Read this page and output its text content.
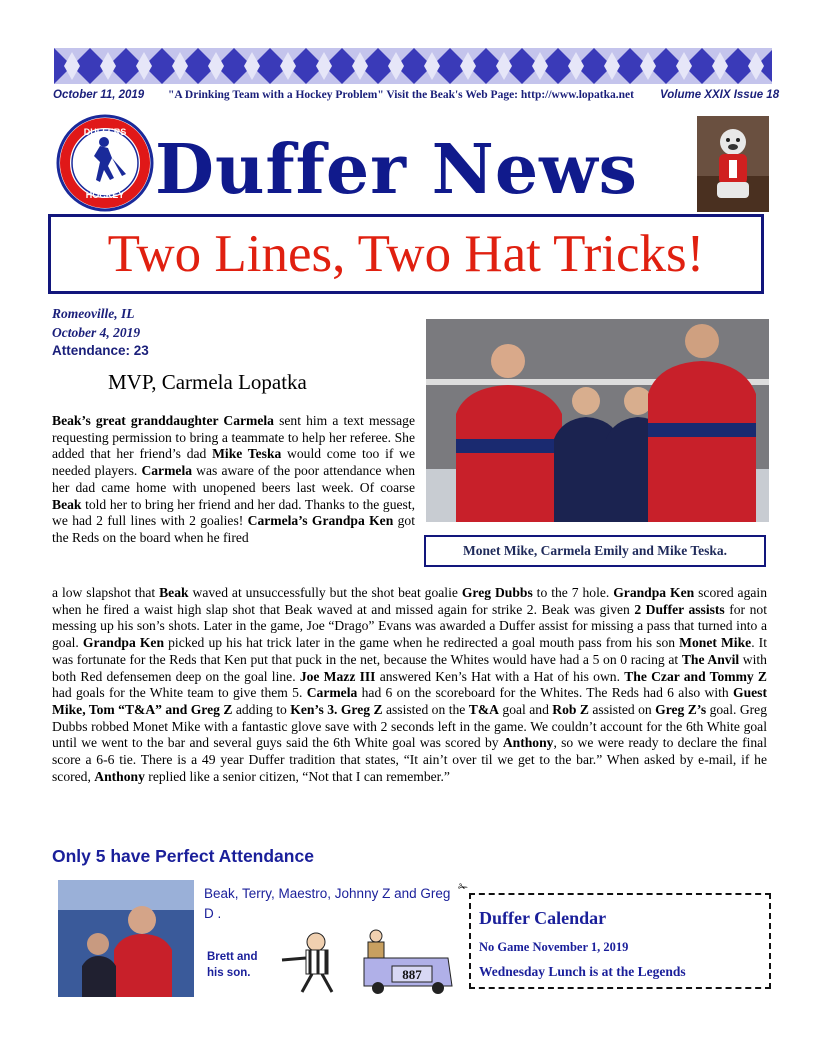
October 11, 2019 "A Drinking Team with a Hockey Problem" Visit the Beak's Web Page: http://www.lopatka.net Volume XXIX Issue 18
DUFFERS
HOCKEY Duffer News
Two Lines, Two Hat Tricks!
Romeoville, IL
October 4, 2019
Attendance: 23
MVP, Carmela Lopatka
Beak’s great granddaughter Carmela sent him a text message requesting permission to bring a teammate to help her referee. She added that her friend’s dad Mike Teska would come too if we needed players. Carmela was aware of the poor attendance when her dad came home with unopened beers last week. Of coarse Beak told her to bring her friend and her dad. Thanks to the guest, we had 2 full lines with 2 goalies! Carmela’s Grandpa Ken got the Reds on the board when he fired
Monet Mike, Carmela Emily and Mike Teska.
a low slapshot that Beak waved at unsuccessfully but the shot beat goalie Greg Dubbs to the 7 hole. Grandpa Ken scored again when he fired a waist high slap shot that Beak waved at and missed again for strike 2. Beak was given 2 Duffer assists for not messing up his son’s shots. Later in the game, Joe “Drago” Evans was awarded a Duffer assist for missing a pass that turned into a goal. Grandpa Ken picked up his hat trick later in the game when he redirected a goal mouth pass from his son Monet Mike. It was fortunate for the Reds that Ken put that puck in the net, because the Whites would have had a 5 on 0 racing at The Anvil with both Red defensemen deep on the goal line. Joe Mazz III answered Ken’s Hat with a Hat of his own. The Czar and Tommy Z had goals for the White team to give them 5. Carmela had 6 on the scoreboard for the Whites. The Reds had 6 also with Guest Mike, Tom “T&A” and Greg Z adding to Ken’s 3. Greg Z assisted on the T&A goal and Rob Z assisted on Greg Z’s goal. Greg Dubbs robbed Monet Mike with a fantastic glove save with 2 seconds left in the game. We couldn’t account for the 6th White goal until we went to the bar and several guys said the 6th White goal was scored by Anthony, so we were ready to declare the final score a 6-6 tie. There is a 49 year Duffer tradition that states, “It ain’t over til we get to the bar.” When asked by e-mail, if he scored, Anthony replied like a senior citizen, “Not that I can remember.”
Only 5 have Perfect Attendance
Beak, Terry, Maestro, Johnny Z and Greg D .
Brett and his son.	887
✁
Duffer Calendar
No Game November 1, 2019
Wednesday Lunch is at the Legends
